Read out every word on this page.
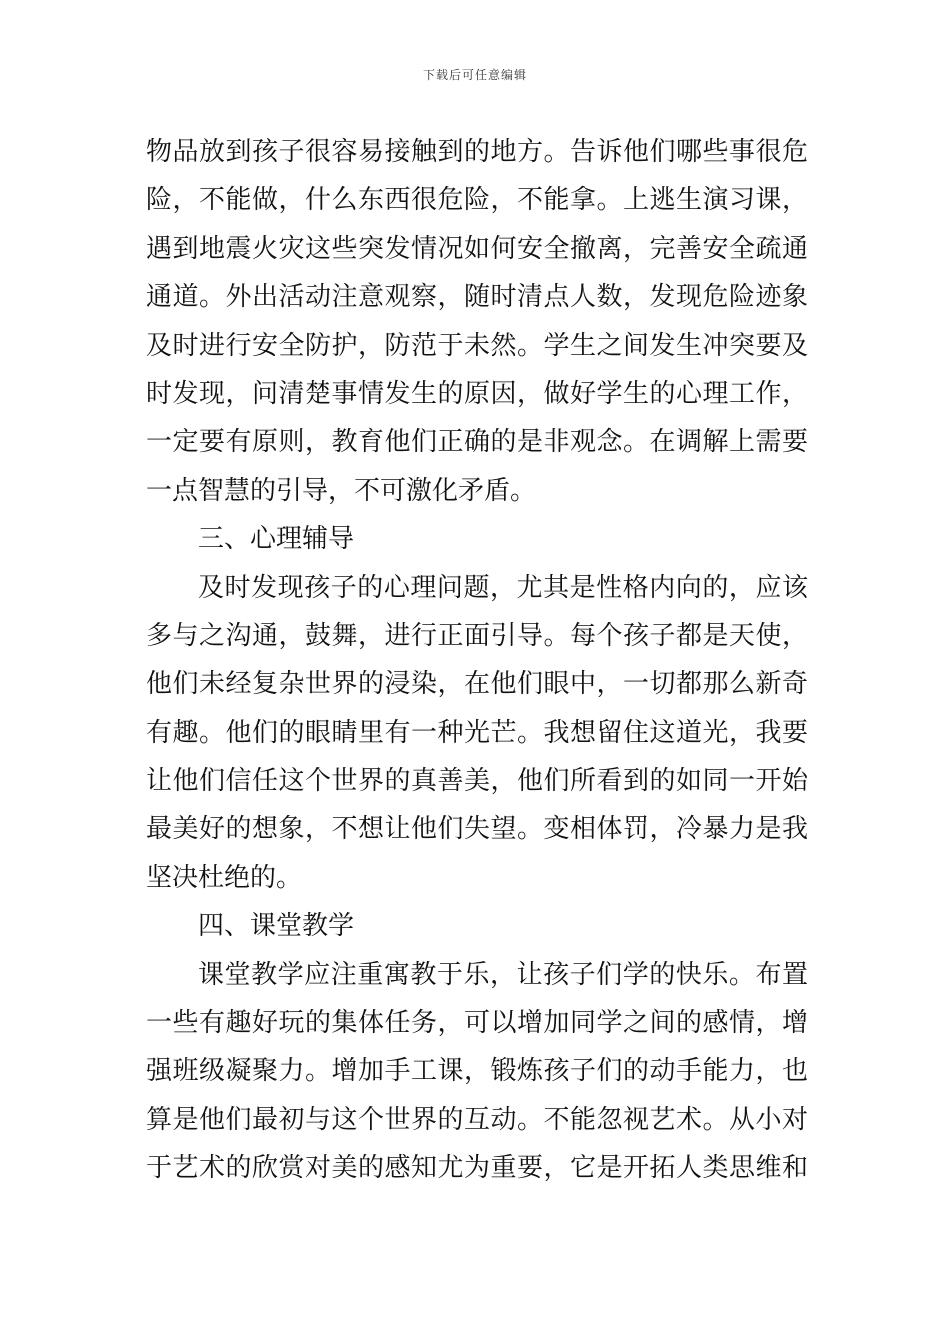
下载后可任意编辑
物品放到孩子很容易接触到的地方。告诉他们哪些事很危
险，不能做，什么东西很危险，不能拿。上逃生演习课，
遇到地震火灾这些突发情况如何安全撤离，完善安全疏通
通道。外出活动注意观察，随时清点人数，发现危险迹象
及时进行安全防护，防范于未然。学生之间发生冲突要及
时发现，问清楚事情发生的原因，做好学生的心理工作，
一定要有原则，教育他们正确的是非观念。在调解上需要
一点智慧的引导，不可激化矛盾。
三、心理辅导
及时发现孩子的心理问题，尤其是性格内向的，应该
多与之沟通，鼓舞，进行正面引导。每个孩子都是天使，
他们未经复杂世界的浸染，在他们眼中，一切都那么新奇
有趣。他们的眼睛里有一种光芒。我想留住这道光，我要
让他们信任这个世界的真善美，他们所看到的如同一开始
最美好的想象，不想让他们失望。变相体罚，冷暴力是我
坚决杜绝的。
四、课堂教学
课堂教学应注重寓教于乐，让孩子们学的快乐。布置
一些有趣好玩的集体任务，可以增加同学之间的感情，增
强班级凝聚力。增加手工课，锻炼孩子们的动手能力，也
算是他们最初与这个世界的互动。不能忽视艺术。从小对
于艺术的欣赏对美的感知尤为重要，它是开拓人类思维和
